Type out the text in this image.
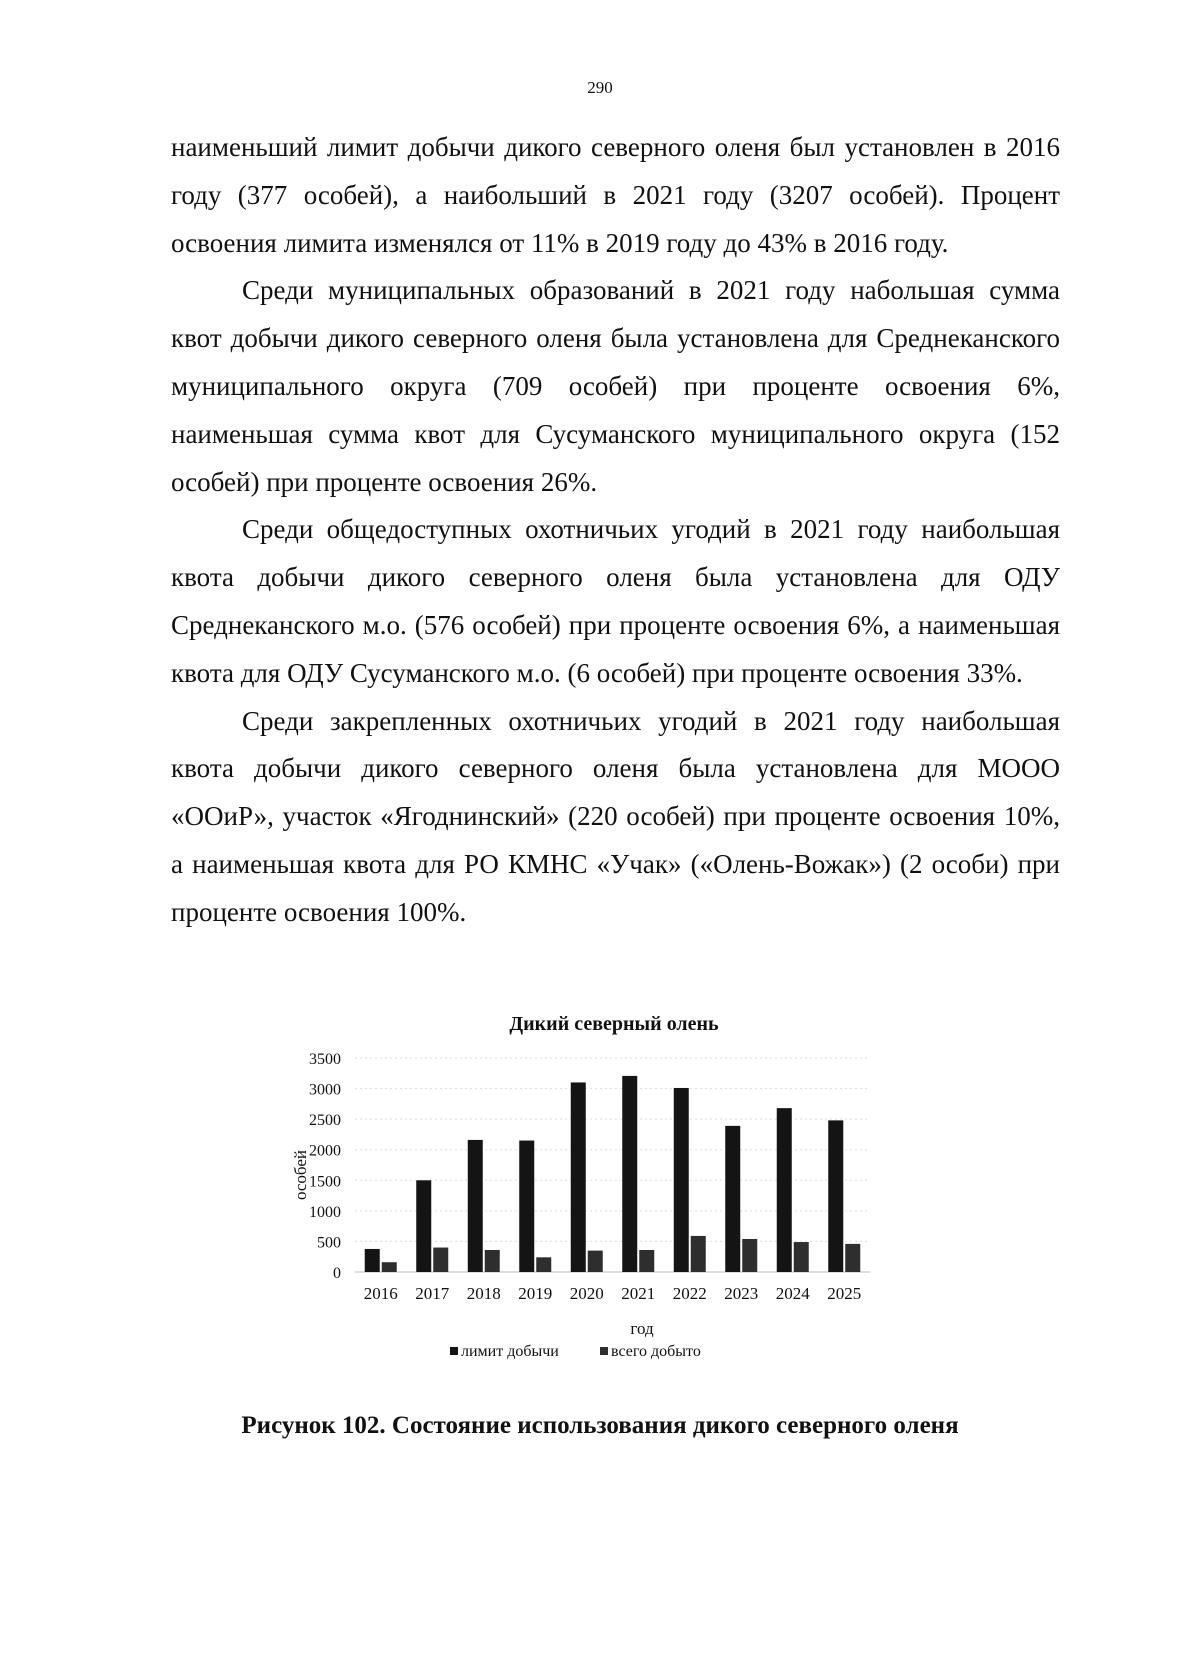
290

наименьший лимит добычи дикого северного оленя был установлен в 2016 году (377 особей), а наибольший в 2021 году (3207 особей). Процент освоения лимита изменялся от 11% в 2019 году до 43% в 2016 году.

Среди муниципальных образований в 2021 году набольшая сумма квот добычи дикого северного оленя была установлена для Среднеканского муниципального округа (709 особей) при проценте освоения 6%, наименьшая сумма квот для Сусуманского муниципального округа (152 особей) при проценте освоения 26%.

Среди общедоступных охотничьих угодий в 2021 году наибольшая квота добычи дикого северного оленя была установлена для ОДУ Среднеканского м.о. (576 особей) при проценте освоения 6%, а наименьшая квота для ОДУ Сусуманского м.о. (6 особей) при проценте освоения 33%.

Среди закрепленных охотничьих угодий в 2021 году наибольшая квота добычи дикого северного оленя была установлена для МООО «ООиР», участок «Ягоднинский» (220 особей) при проценте освоения 10%, а наименьшая квота для РО КМНС «Учак» («Олень-Вожак») (2 особи) при проценте освоения 100%.

0
500
1000
1500
2000
2500
3000
3500
2016 2017 2018 2019 2020 2021 2022 2023 2024 2025
лимит добычи	всего добыто
Дикий северный олень
год
особей
Рисунок 102. Состояние использования дикого северного оленя
